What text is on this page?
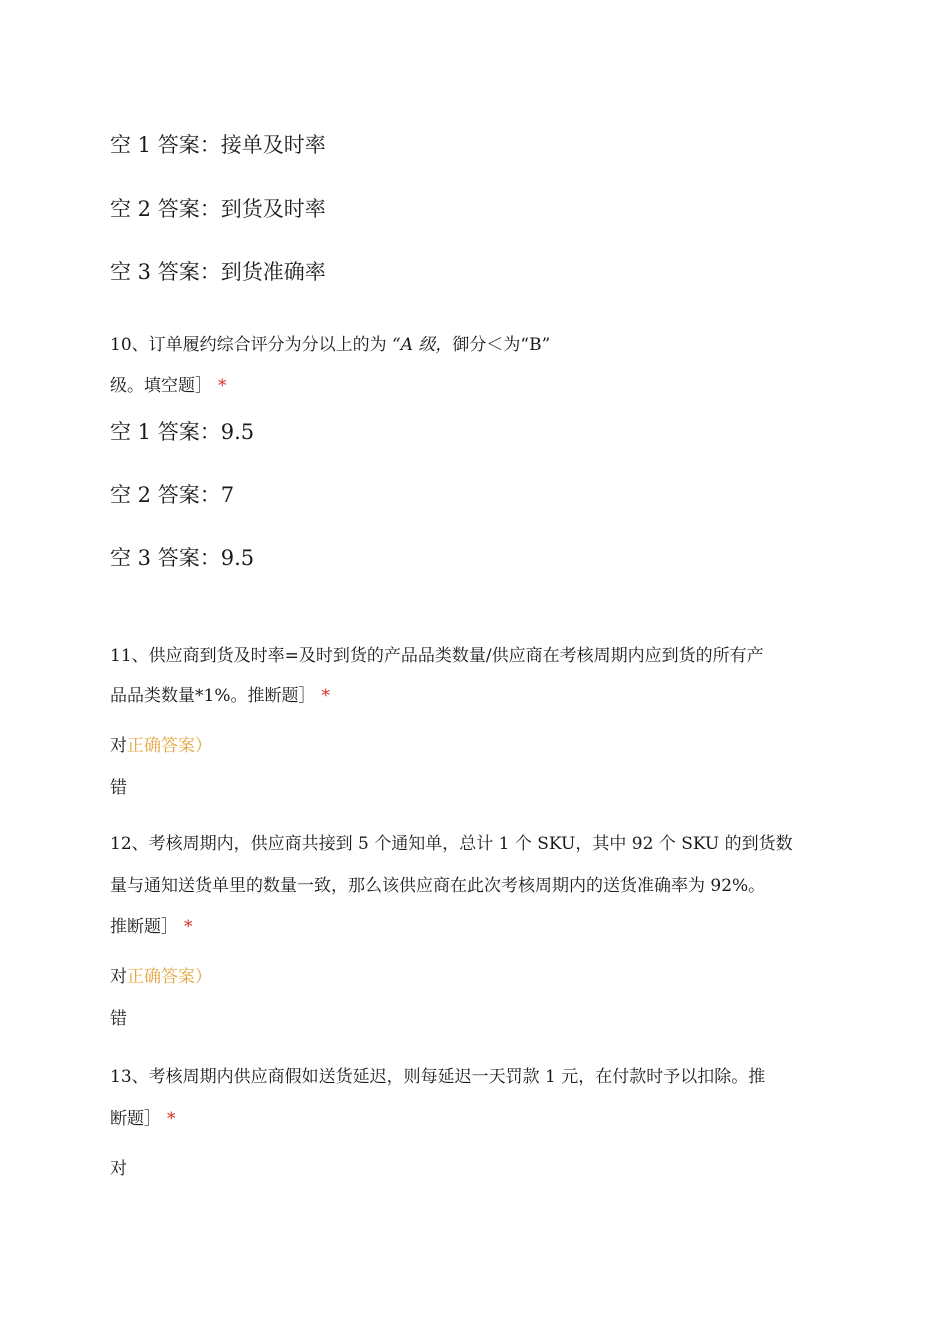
空 1 答案：接单及时率
空 2 答案：到货及时率
空 3 答案：到货准确率
10、订单履约综合评分为分以上的为 “A 级，御分＜为“B”
级。填空题］ *
空 1 答案：9.5
空 2 答案：7
空 3 答案：9.5
11、供应商到货及时率=及时到货的产品品类数量/供应商在考核周期内应到货的所有产
品品类数量*1%。推断题］ *
对正确答案）
错
12、考核周期内，供应商共接到 5 个通知单，总计 1 个 SKU，其中 92 个 SKU 的到货数
量与通知送货单里的数量一致，那么该供应商在此次考核周期内的送货准确率为 92%。
推断题］ *
对正确答案）
错
13、考核周期内供应商假如送货延迟，则每延迟一天罚款 1 元，在付款时予以扣除。推
断题］ *
对
